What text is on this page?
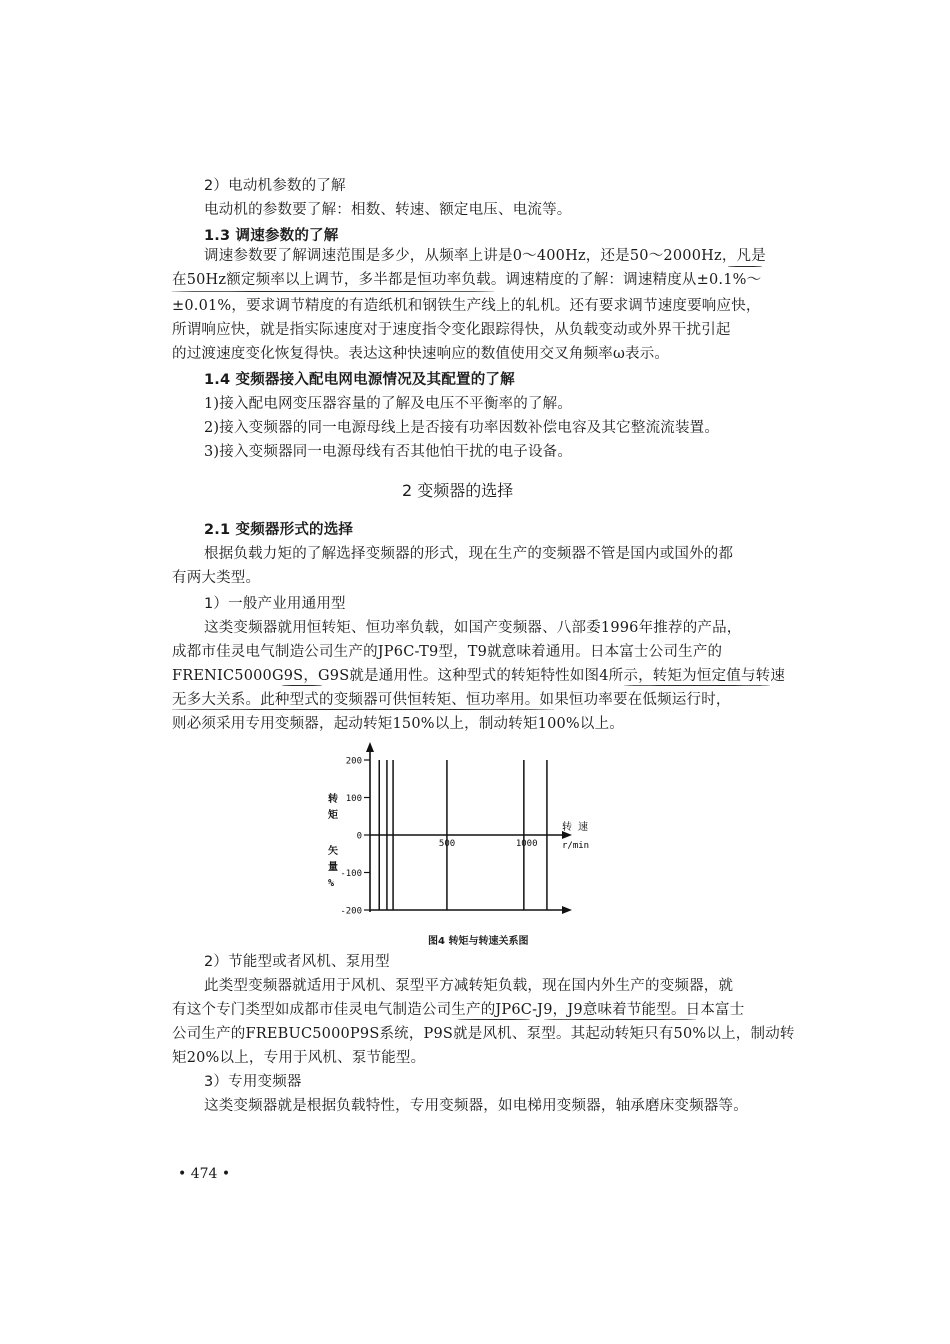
2）电动机参数的了解
电动机的参数要了解：相数、转速、额定电压、电流等。
1.3 调速参数的了解
调速参数要了解调速范围是多少，从频率上讲是0～400Hz，还是50～2000Hz，凡是
在50Hz额定频率以上调节，多半都是恒功率负载。调速精度的了解：调速精度从±0.1%～
±0.01%，要求调节精度的有造纸机和钢铁生产线上的轧机。还有要求调节速度要响应快，
所谓响应快，就是指实际速度对于速度指令变化跟踪得快，从负载变动或外界干扰引起
的过渡速度变化恢复得快。表达这种快速响应的数值使用交叉角频率ω表示。
1.4 变频器接入配电网电源情况及其配置的了解
1)接入配电网变压器容量的了解及电压不平衡率的了解。
2)接入变频器的同一电源母线上是否接有功率因数补偿电容及其它整流流装置。
3)接入变频器同一电源母线有否其他怕干扰的电子设备。
2 变频器的选择
2.1 变频器形式的选择
根据负载力矩的了解选择变频器的形式，现在生产的变频器不管是国内或国外的都
有两大类型。
1）一般产业用通用型
这类变频器就用恒转矩、恒功率负载，如国产变频器、八部委1996年推荐的产品，
成都市佳灵电气制造公司生产的JP6C-T9型，T9就意味着通用。日本富士公司生产的
FRENIC5000G9S，G9S就是通用性。这种型式的转矩特性如图4所示，转矩为恒定值与转速
无多大关系。此种型式的变频器可供恒转矩、恒功率用。如果恒功率要在低频运行时，
则必须采用专用变频器，起动转矩150%以上，制动转矩100%以上。
200
100
0
-100
-200
500	1000
转
矩
矢
量
%
转 速
r/min
图4 转矩与转速关系图
2）节能型或者风机、泵用型
此类型变频器就适用于风机、泵型平方减转矩负载，现在国内外生产的变频器，就
有这个专门类型如成都市佳灵电气制造公司生产的JP6C-J9，J9意味着节能型。日本富士
公司生产的FREBUC5000P9S系统，P9S就是风机、泵型。其起动转矩只有50%以上，制动转
矩20%以上，专用于风机、泵节能型。
3）专用变频器
这类变频器就是根据负载特性，专用变频器，如电梯用变频器，轴承磨床变频器等。
• 474 •
